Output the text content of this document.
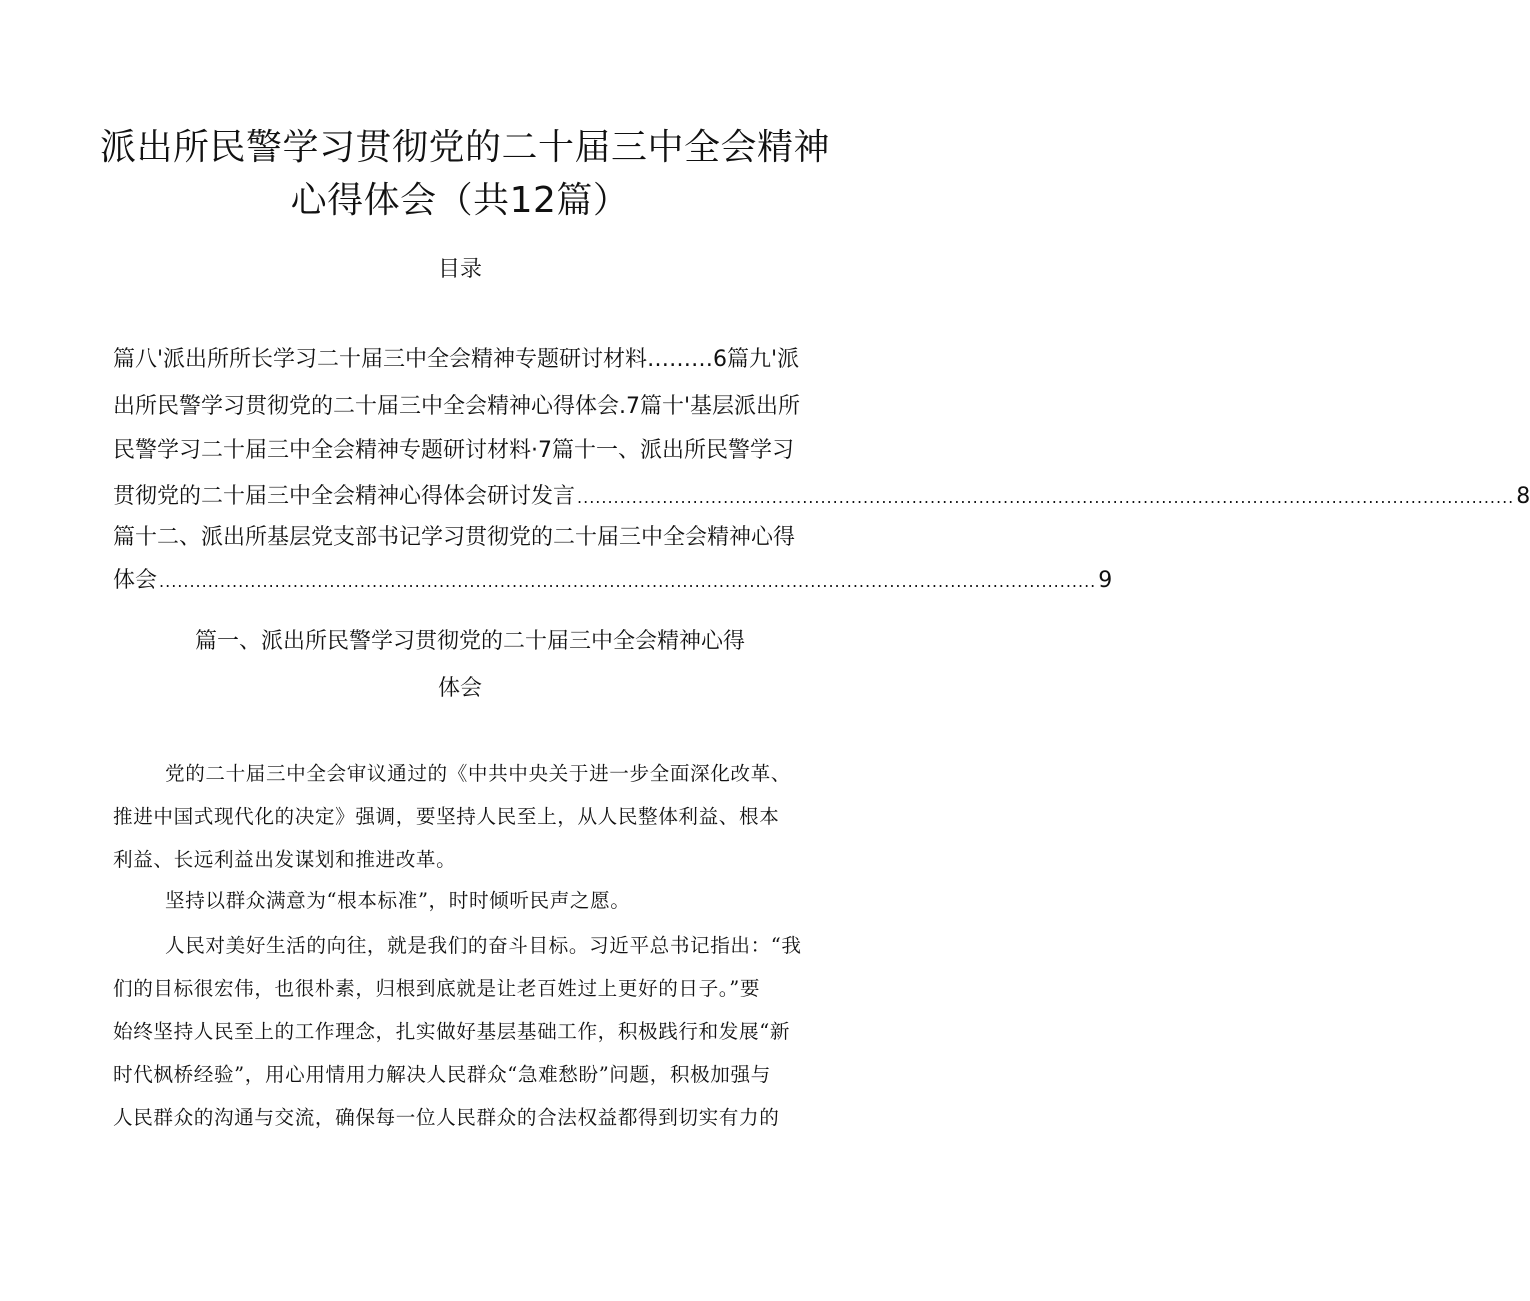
派出所民警学习贯彻党的二十届三中全会精神
心得体会（共12篇）
目录
篇八'派出所所长学习二十届三中全会精神专题研讨材料………6篇九'派
出所民警学习贯彻党的二十届三中全会精神心得体会.7篇十'基层派出所
民警学习二十届三中全会精神专题研讨材料·7篇十一、派出所民警学习
贯彻党的二十届三中全会精神心得体会研讨发言 .......................................................................................................................................................... 8
篇十二、派出所基层党支部书记学习贯彻党的二十届三中全会精神心得
体会 .......................................................................................................................................................... 9
篇一、派出所民警学习贯彻党的二十届三中全会精神心得
体会
党的二十届三中全会审议通过的《中共中央关于进一步全面深化改革、
推进中国式现代化的决定》强调，要坚持人民至上，从人民整体利益、根本
利益、长远利益出发谋划和推进改革。
坚持以群众满意为“根本标准”，时时倾听民声之愿。
人民对美好生活的向往，就是我们的奋斗目标。习近平总书记指出：“我
们的目标很宏伟，也很朴素，归根到底就是让老百姓过上更好的日子。”要
始终坚持人民至上的工作理念，扎实做好基层基础工作，积极践行和发展“新
时代枫桥经验”，用心用情用力解决人民群众“急难愁盼”问题，积极加强与
人民群众的沟通与交流，确保每一位人民群众的合法权益都得到切实有力的
